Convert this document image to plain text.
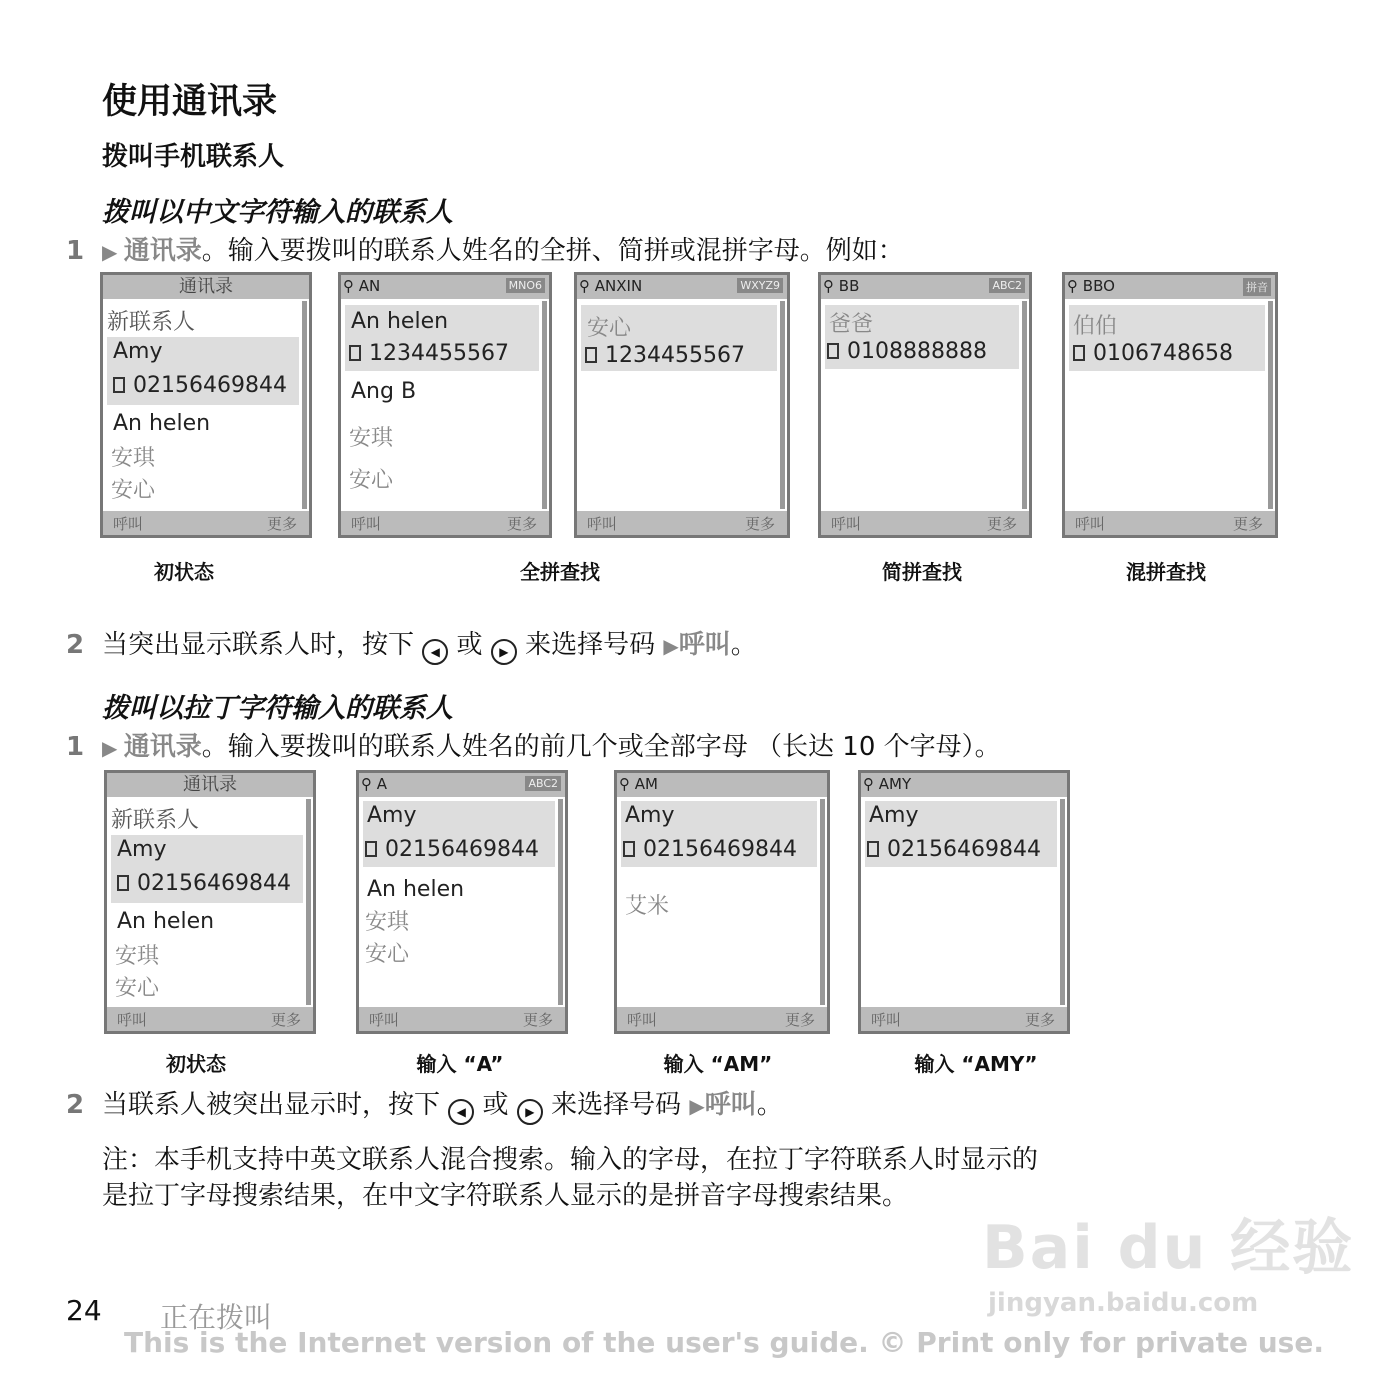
使用通讯录
拨叫手机联系人
拨叫以中文字符输入的联系人
1 ▶ 通讯录。输入要拨叫的联系人姓名的全拼、简拼或混拼字母。例如：
通讯录
新联系人
Amy
02156469844
An helen
安琪
安心
呼叫	更多
⚲ AN	MNO6
An helen
1234455567
Ang B
安琪
安心
呼叫	更多
⚲ ANXIN	WXYZ9
安心
1234455567
呼叫	更多
⚲ BB	ABC2
爸爸
0108888888
呼叫	更多
⚲ BBO	拼音
伯伯
0106748658
呼叫	更多
初状态	全拼查找	简拼查找	混拼查找
2 当突出显示联系人时，按下 ◀ 或 ▶ 来选择号码 ▶呼叫。
拨叫以拉丁字符输入的联系人
1 ▶ 通讯录。输入要拨叫的联系人姓名的前几个或全部字母 （长达 10 个字母）。
通讯录
新联系人
Amy
02156469844
An helen
安琪
安心
呼叫	更多
⚲ A	ABC2
Amy
02156469844
An helen
安琪
安心
呼叫	更多
⚲ AM
Amy
02156469844
艾米
呼叫	更多
⚲ AMY
Amy
02156469844
呼叫	更多
初状态	输入 “A”	输入 “AM”	输入 “AMY”
2 当联系人被突出显示时，按下 ◀ 或 ▶ 来选择号码 ▶呼叫。
注：本手机支持中英文联系人混合搜索。输入的字母，在拉丁字符联系人时显示的
是拉丁字母搜索结果，在中文字符联系人显示的是拼音字母搜索结果。
Bai du 经验
jingyan.baidu.com
24 正在拨叫
This is the Internet version of the user's guide. © Print only for private use.
